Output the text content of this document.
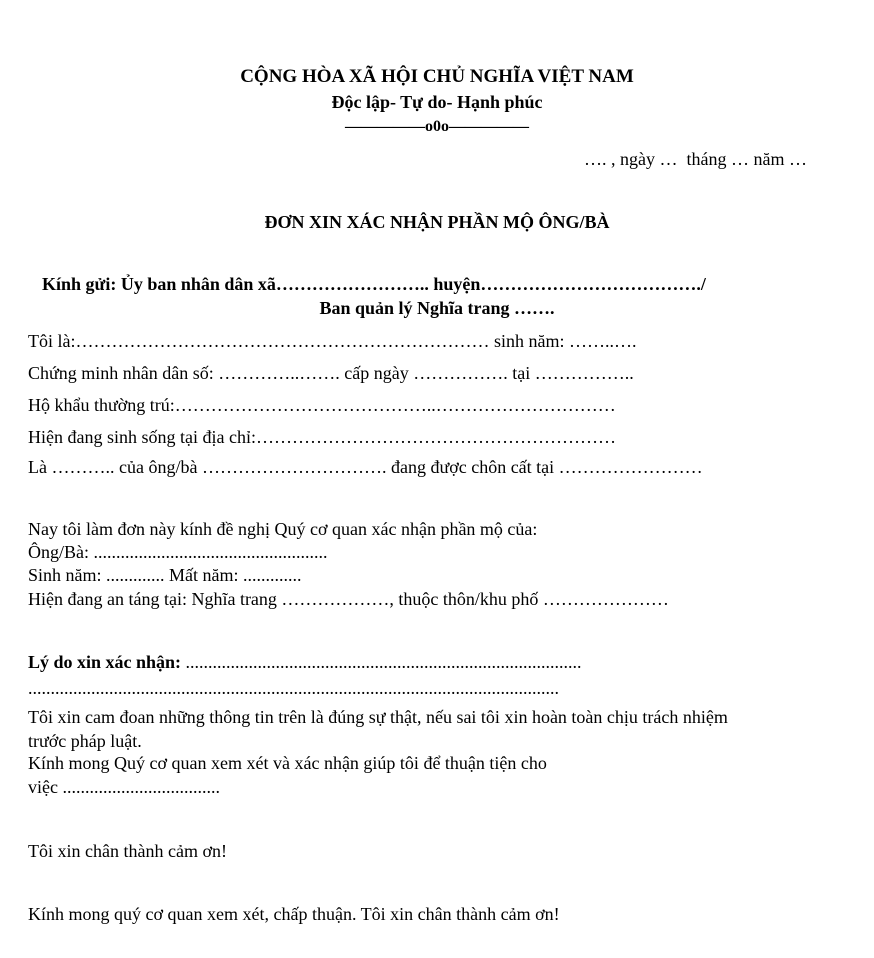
CỘNG HÒA XÃ HỘI CHỦ NGHĨA VIỆT NAM
Độc lập- Tự do- Hạnh phúc
—————o0o—————
…. , ngày …  tháng … năm …
ĐƠN XIN XÁC NHẬN PHẦN MỘ ÔNG/BÀ
Kính gửi: Ủy ban nhân dân xã…………………….. huyện………………………………./
Ban quản lý Nghĩa trang …….
Tôi là:…………………………………………………………… sinh năm: ……..….
Chứng minh nhân dân số: …………..……. cấp ngày ……………. tại ……………..
Hộ khẩu thường trú:……………………………………..…………………………
Hiện đang sinh sống tại địa chỉ:……………………………………………………
Là ……….. của ông/bà …………………………. đang được chôn cất tại ……………………
Nay tôi làm đơn này kính đề nghị Quý cơ quan xác nhận phần mộ của:
Ông/Bà: ....................................................
Sinh năm: ............. Mất năm: .............
Hiện đang an táng tại: Nghĩa trang ………………, thuộc thôn/khu phố …………………
Lý do xin xác nhận: ........................................................................................
......................................................................................................................
Tôi xin cam đoan những thông tin trên là đúng sự thật, nếu sai tôi xin hoàn toàn chịu trách nhiệm
trước pháp luật.
Kính mong Quý cơ quan xem xét và xác nhận giúp tôi để thuận tiện cho
việc ...................................
Tôi xin chân thành cảm ơn!
Kính mong quý cơ quan xem xét, chấp thuận. Tôi xin chân thành cảm ơn!
